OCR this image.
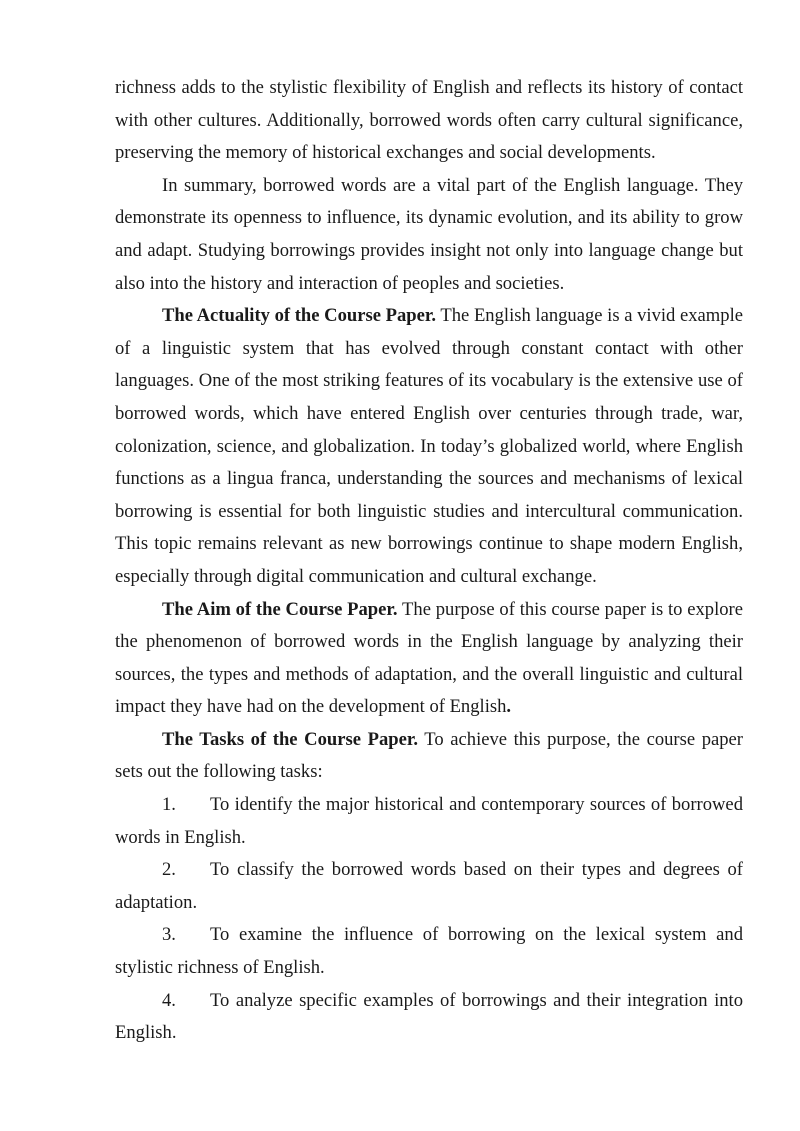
richness adds to the stylistic flexibility of English and reflects its history of contact with other cultures. Additionally, borrowed words often carry cultural significance, preserving the memory of historical exchanges and social developments.

In summary, borrowed words are a vital part of the English language. They demonstrate its openness to influence, its dynamic evolution, and its ability to grow and adapt. Studying borrowings provides insight not only into language change but also into the history and interaction of peoples and societies.

The Actuality of the Course Paper. The English language is a vivid example of a linguistic system that has evolved through constant contact with other languages. One of the most striking features of its vocabulary is the extensive use of borrowed words, which have entered English over centuries through trade, war, colonization, science, and globalization. In today’s globalized world, where English functions as a lingua franca, understanding the sources and mechanisms of lexical borrowing is essential for both linguistic studies and intercultural communication. This topic remains relevant as new borrowings continue to shape modern English, especially through digital communication and cultural exchange.

The Aim of the Course Paper. The purpose of this course paper is to explore the phenomenon of borrowed words in the English language by analyzing their sources, the types and methods of adaptation, and the overall linguistic and cultural impact they have had on the development of English.

The Tasks of the Course Paper. To achieve this purpose, the course paper sets out the following tasks:

1. To identify the major historical and contemporary sources of borrowed words in English.

2. To classify the borrowed words based on their types and degrees of adaptation.

3. To examine the influence of borrowing on the lexical system and stylistic richness of English.

4. To analyze specific examples of borrowings and their integration into English.
